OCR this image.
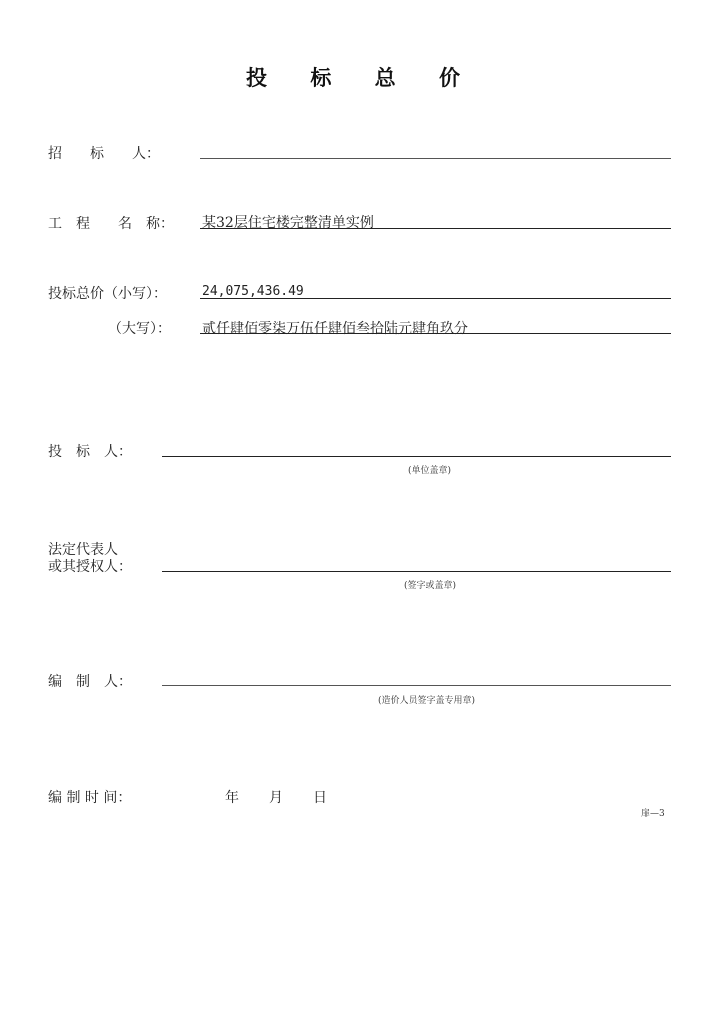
投 标 总 价
招　　标　　人：
工　程　　名　称： 某32层住宅楼完整清单实例
投标总价（小写）：	24,075,436.49
（大写）： 贰仟肆佰零柒万伍仟肆佰叁拾陆元肆角玖分
投　标　人：
(单位盖章)
法定代表人
或其授权人：
(签字或盖章)
编　制　人：
(造价人员签字盖专用章)
编 制 时 间：	年 月 日
扉—3
